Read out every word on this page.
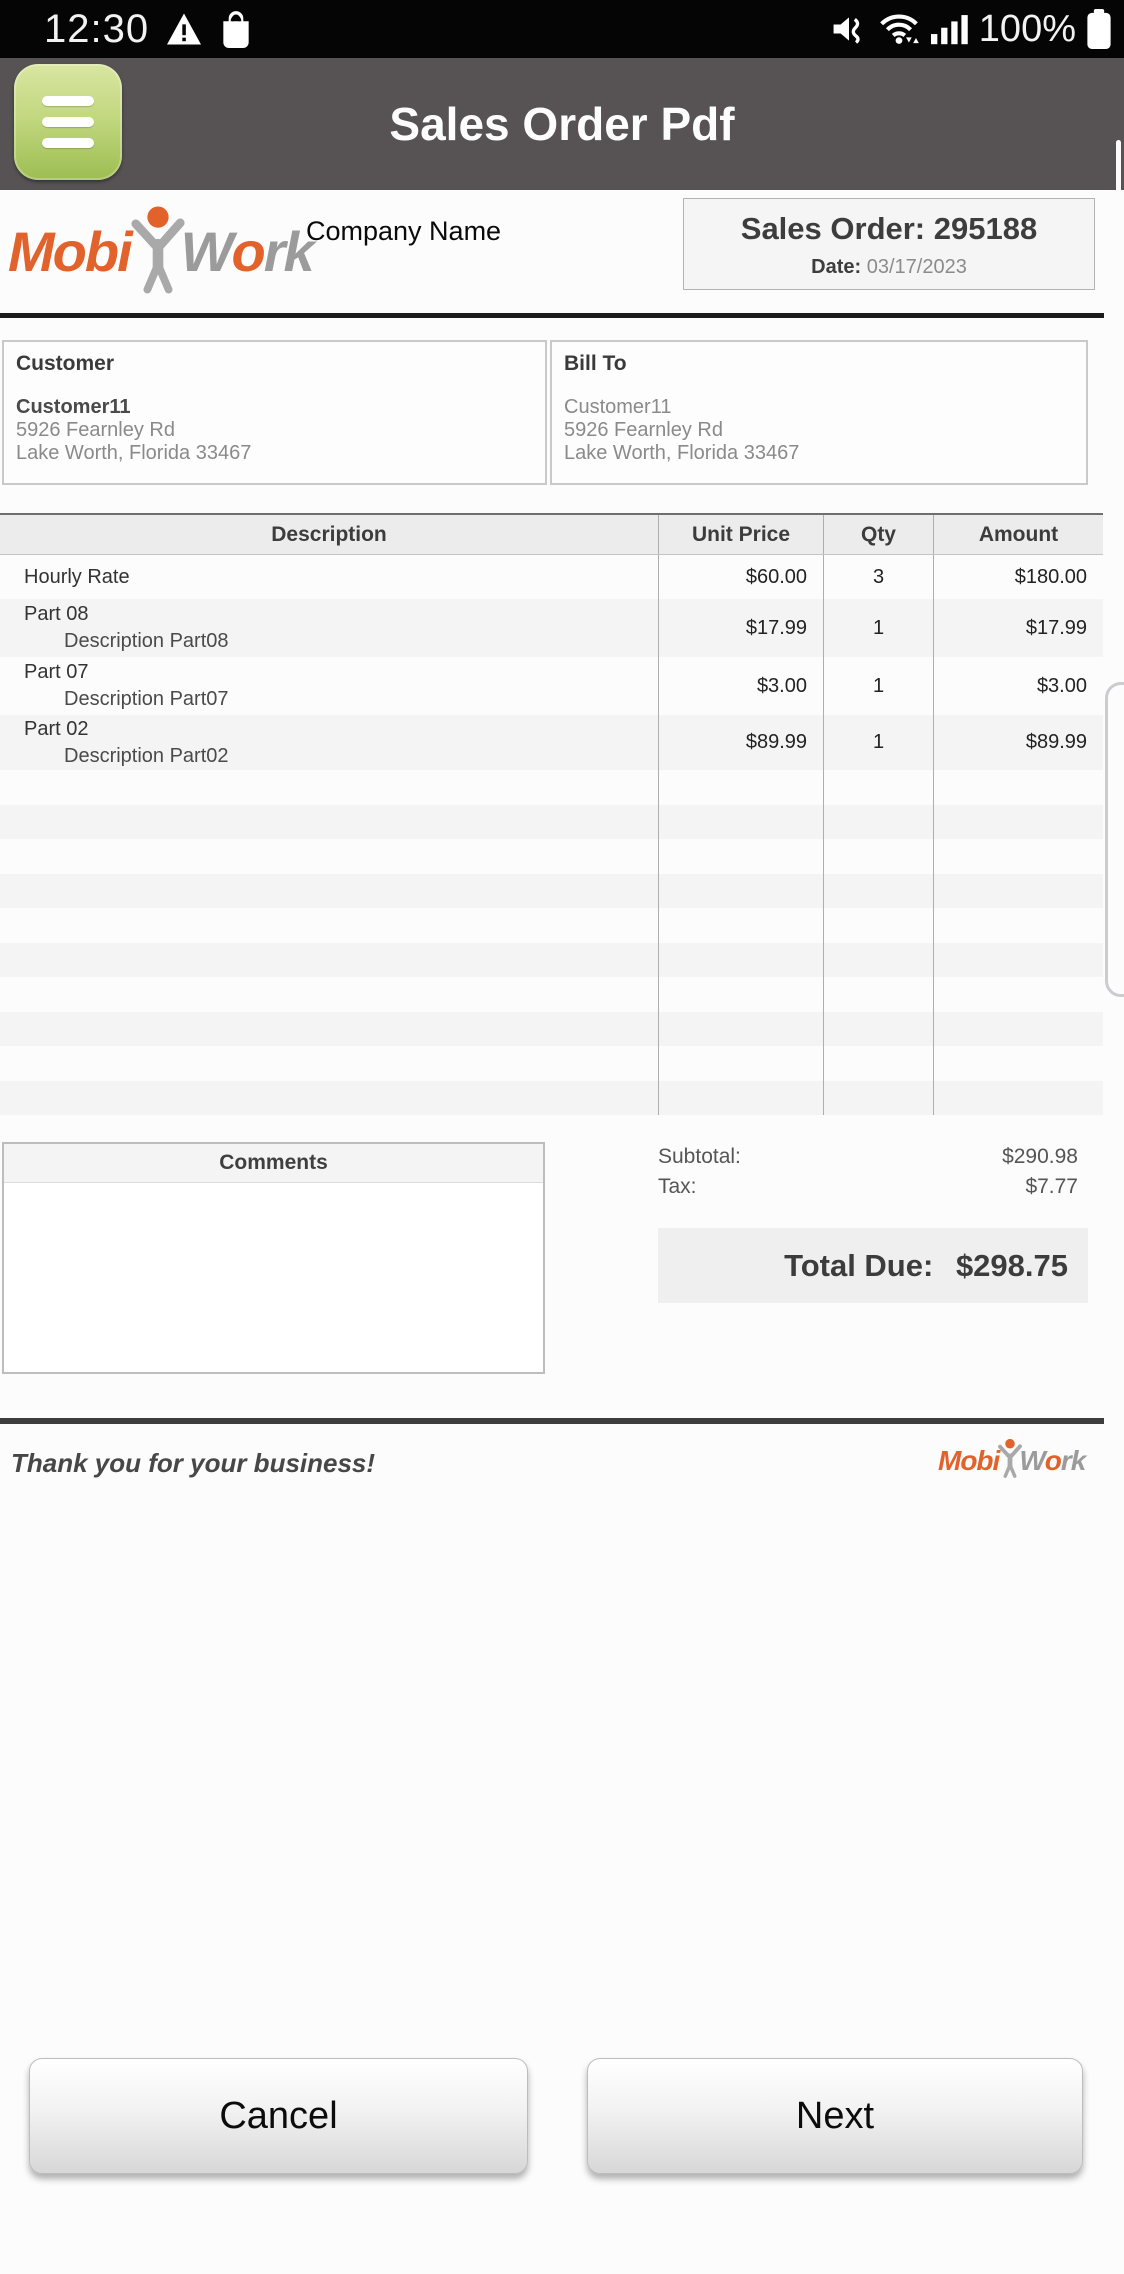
12:30	100%
Sales Order Pdf
Mobi W o rk
Company Name	Sales Order: 295188
Date: 03/17/2023
Customer
Customer11
5926 Fearnley Rd
Lake Worth, Florida 33467
Bill To
Customer11
5926 Fearnley Rd
Lake Worth, Florida 33467
Description	Unit Price	Qty	Amount
Hourly Rate	$60.00	3	$180.00
Part 08
Description Part08
$17.99	1	$17.99
Part 07
Description Part07
$3.00	1	$3.00
Part 02
Description Part02
$89.99	1	$89.99
Comments	Subtotal:	$290.98
Tax:	$7.77
Total Due: $298.75
Thank you for your business!	Mobi W o rk
Cancel	Next
